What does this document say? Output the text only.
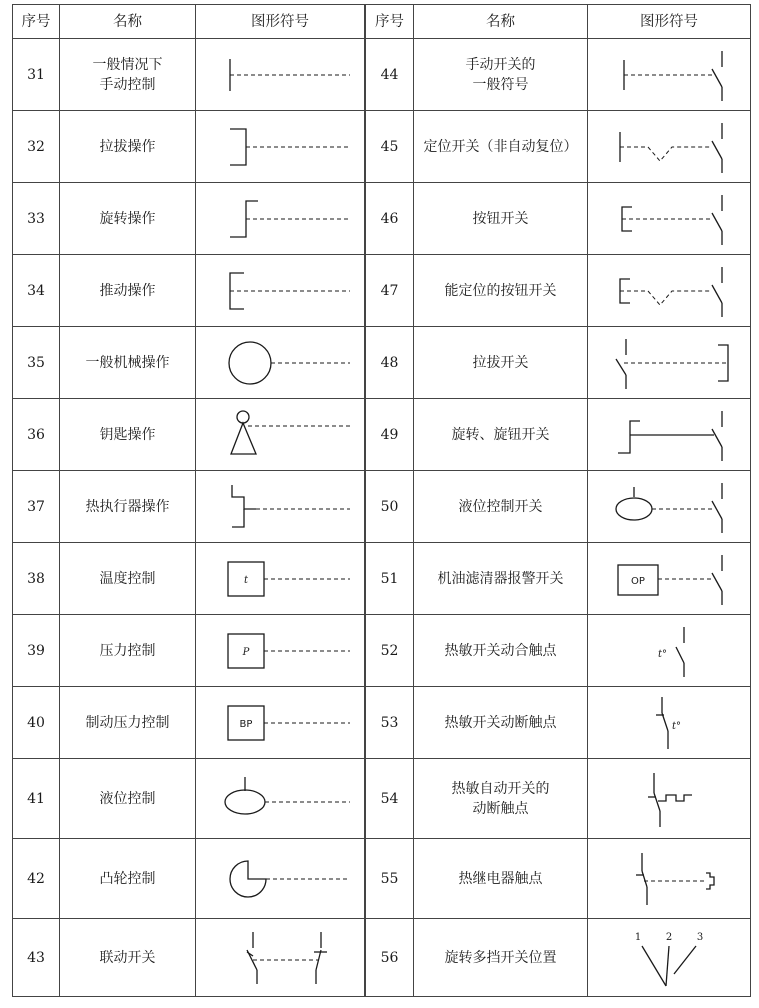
序号	名称	图形符号
31	一般情况下
手动控制	

32	拉拔操作	

33	旋转操作	

34	推动操作	

35	一般机械操作	

36	钥匙操作	

37	热执行器操作	

38	温度控制	t

39	压力控制	P

40	制动压力控制	BP

41	液位控制	

42	凸轮控制	

43	联动开关	
序号	名称	图形符号
44	手动开关的
一般符号	

45	定位开关（非自动复位）	

46	按钮开关	

47	能定位的按钮开关	

48	拉拔开关	

49	旋转、旋钮开关	

50	液位控制开关	

51	机油滤清器报警开关	OP

52	热敏开关动合触点	t°

53	热敏开关动断触点	t°

54	热敏自动开关的
动断触点	

55	热继电器触点	

56	旋转多挡开关位置	1 2 3
